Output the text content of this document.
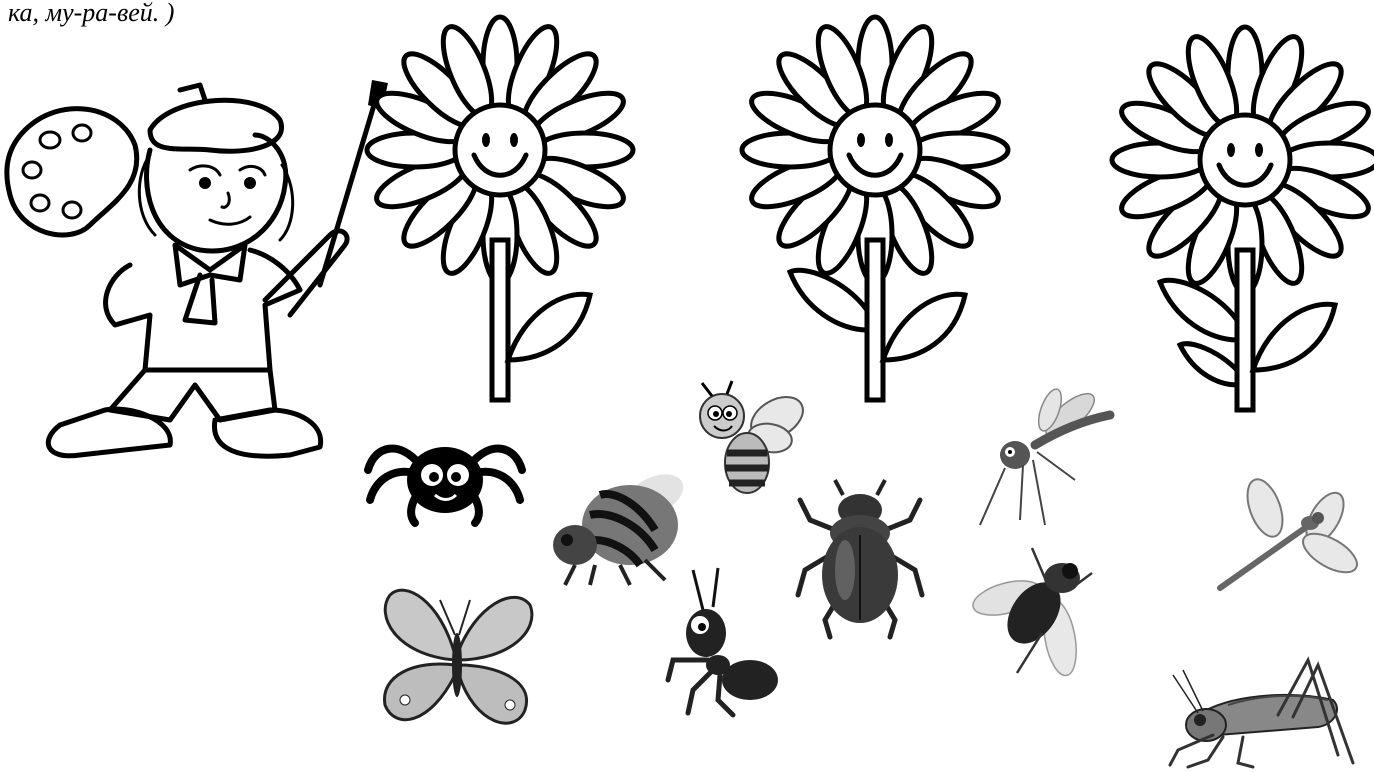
ка, му-ра-вей. )
